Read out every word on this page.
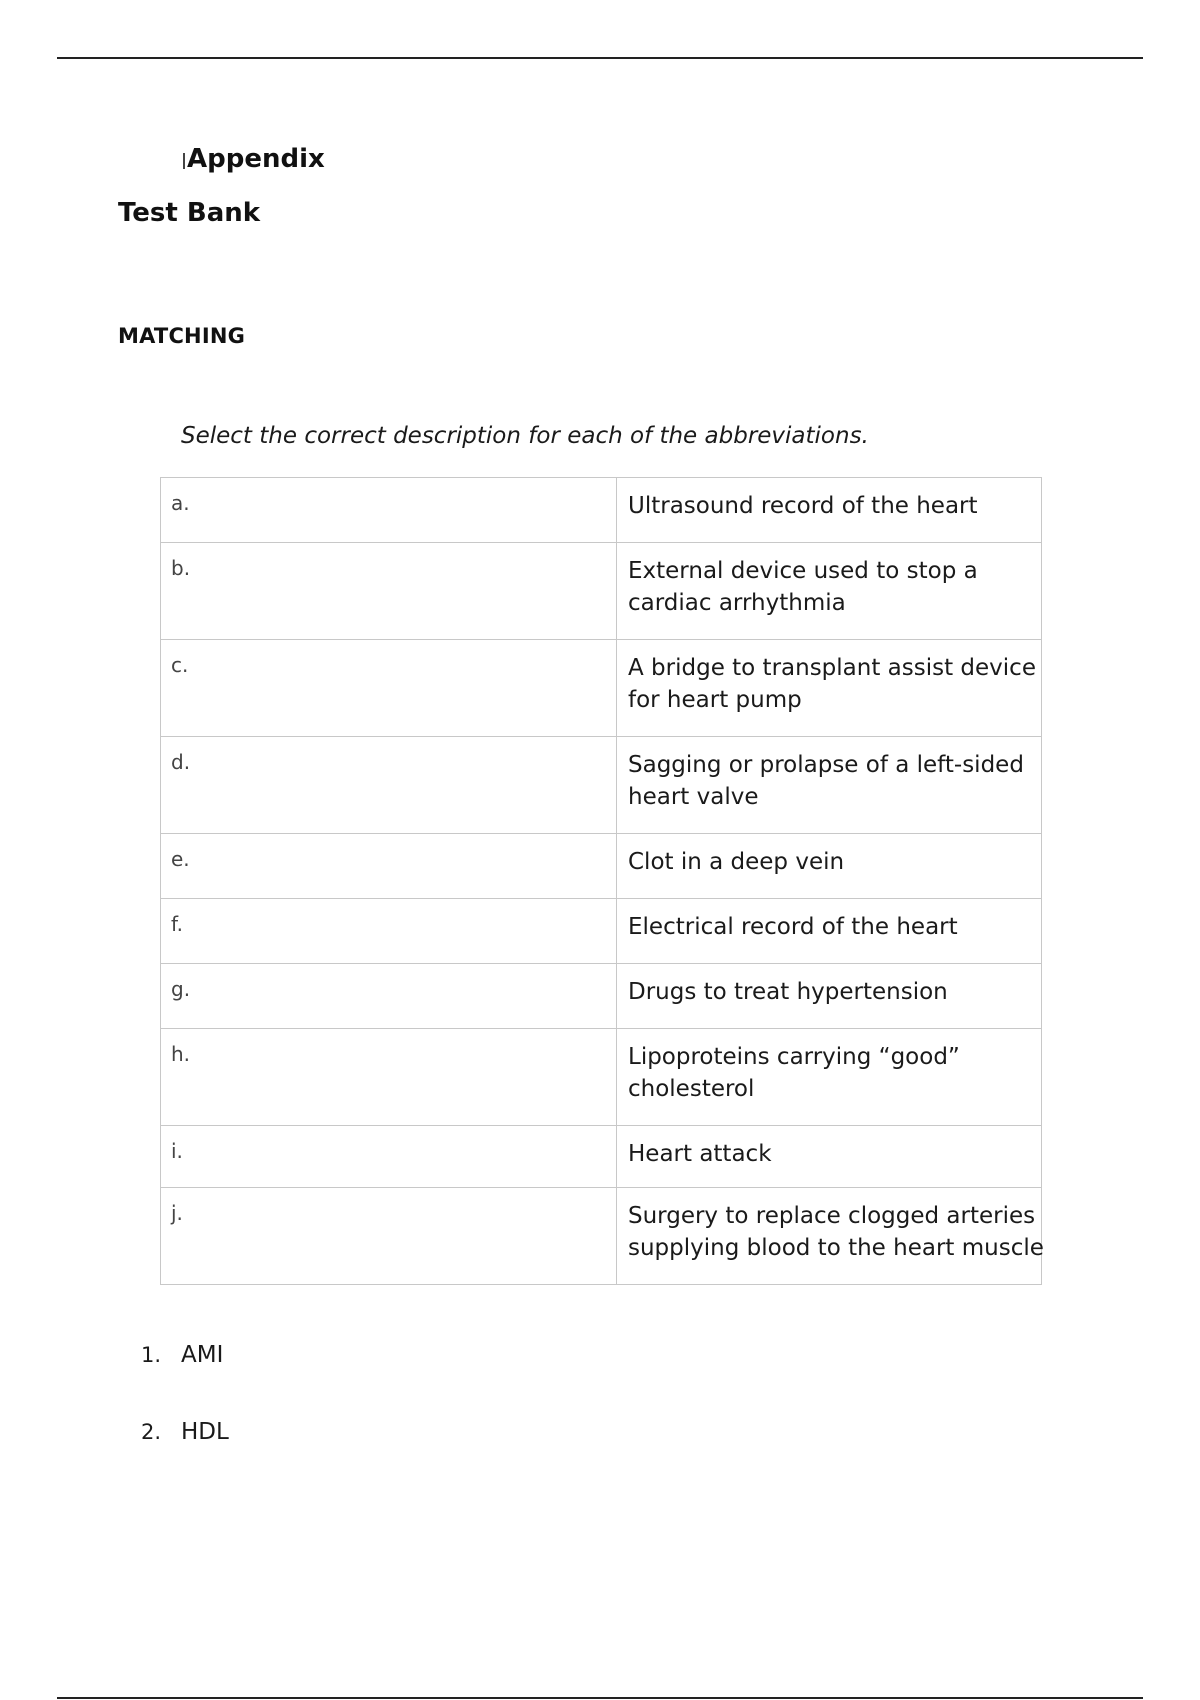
Appendix
Test Bank
MATCHING
Select the correct description for each of the abbreviations.
a.	Ultrasound record of the heart

b.	External device used to stop a
cardiac arrhythmia

c.	A bridge to transplant assist device
for heart pump

d.	Sagging or prolapse of a left-sided
heart valve

e.	Clot in a deep vein

f.	Electrical record of the heart

g.	Drugs to treat hypertension

h.	Lipoproteins carrying “good”
cholesterol

i.	Heart attack

j.	Surgery to replace clogged arteries
supplying blood to the heart muscle
1. AMI
2. HDL
